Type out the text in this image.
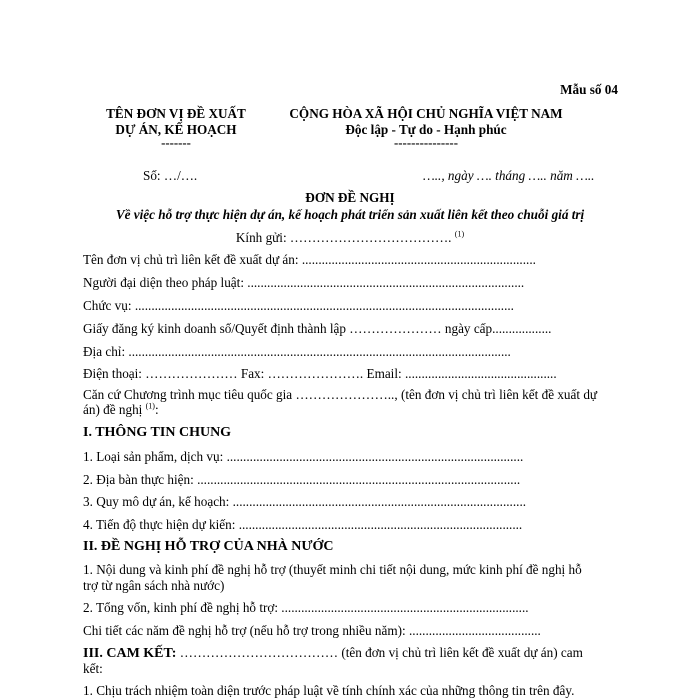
Mẫu số 04
TÊN ĐƠN VỊ ĐỀ XUẤT
DỰ ÁN, KẾ HOẠCH
-------
CỘNG HÒA XÃ HỘI CHỦ NGHĨA VIỆT NAM
Độc lập - Tự do - Hạnh phúc
---------------
Số: …/….	….., ngày …. tháng ….. năm …..
ĐƠN ĐỀ NGHỊ
Về việc hỗ trợ thực hiện dự án, kế hoạch phát triển sản xuất liên kết theo chuỗi giá trị
Kính gửi: ………………………………. $^{(1)}$
Tên đơn vị chủ trì liên kết đề xuất dự án: .......................................................................
Người đại diện theo pháp luật: ....................................................................................
Chức vụ: ...................................................................................................................
Giấy đăng ký kinh doanh số/Quyết định thành lập ………………… ngày cấp..................
Địa chỉ: ....................................................................................................................
Điện thoại: ………………… Fax: …………………. Email: ..............................................
Căn cứ Chương trình mục tiêu quốc gia ………………….., (tên đơn vị chủ trì liên kết đề xuất dự
án) đề nghị $^{(1)}$:
I. THÔNG TIN CHUNG
1. Loại sản phẩm, dịch vụ: ..........................................................................................
2. Địa bàn thực hiện: ..................................................................................................
3. Quy mô dự án, kế hoạch: .........................................................................................
4. Tiến độ thực hiện dự kiến: ......................................................................................
II. ĐỀ NGHỊ HỖ TRỢ CỦA NHÀ NƯỚC
1. Nội dung và kinh phí đề nghị hỗ trợ (thuyết minh chi tiết nội dung, mức kinh phí đề nghị hỗ
trợ từ ngân sách nhà nước)
2. Tổng vốn, kinh phí đề nghị hỗ trợ: ...........................................................................
Chi tiết các năm đề nghị hỗ trợ (nếu hỗ trợ trong nhiều năm): ........................................
III. CAM KẾT: ……………………………… (tên đơn vị chủ trì liên kết đề xuất dự án) cam
kết:
1. Chịu trách nhiệm toàn diện trước pháp luật về tính chính xác của những thông tin trên đây.
